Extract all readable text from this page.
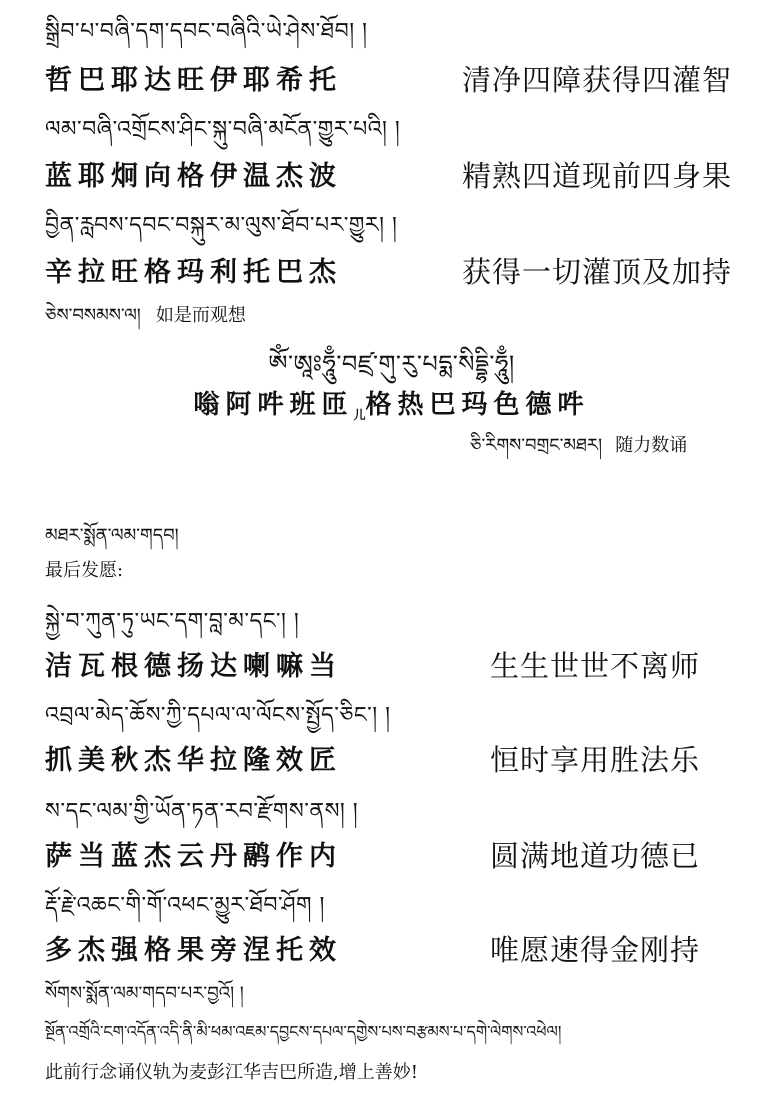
སྒྲིབ་པ་བཞི་དག་དབང་བཞིའི་ཡེ་ཤེས་ཐོབ། །
哲巴耶达旺伊耶希托	清净四障获得四灌智
ལམ་བཞི་འགྲོངས་ཤིང་སྐུ་བཞི་མངོན་གྱུར་པའི། །
蓝耶炯向格伊温杰波	精熟四道现前四身果
བྱིན་རླབས་དབང་བསྐུར་མ་ལུས་ཐོབ་པར་གྱུར། །
辛拉旺格玛利托巴杰	获得一切灌顶及加持
ཅེས་བསམས་ལ། 如是而观想
ཨོཾ་ཨཱཿཧཱུྃ་བཛྲ་གུ་རུ་པདྨ་སིདྡྷི་ཧཱུྃ།
嗡阿吽班匝$_儿$格热巴玛色德吽
ཅི་རིགས་བགྲང་མཐར། 随力数诵
མཐར་སྨོན་ལམ་གདབ།
最后发愿:
སྐྱེ་བ་ཀུན་ཏུ་ཡང་དག་བླ་མ་དང་། །
洁瓦根德扬达喇嘛当	生生世世不离师
འབྲལ་མེད་ཆོས་ཀྱི་དཔལ་ལ་ལོངས་སྤྱོད་ཅིང་། །
抓美秋杰华拉隆效匠	恒时享用胜法乐
ས་དང་ལམ་གྱི་ཡོན་ཏན་རབ་རྫོགས་ནས། །
萨当蓝杰云丹鹝作内	圆满地道功德已
རྡོ་རྗེ་འཆང་གི་གོ་འཕང་མྱུར་ཐོབ་ཤོག །
多杰强格果旁涅托效	唯愿速得金刚持
སོགས་སྨོན་ལམ་གདབ་པར་བྱའོ། །
སྔོན་འགྲོའི་ངག་འདོན་འདི་ནི་མི་ཕམ་འཇམ་དབྱངས་དཔལ་དགྱེས་པས་བརྩམས་པ་དགེ་ལེགས་འཕེལ།
此前行念诵仪轨为麦彭江华吉巴所造,增上善妙!
